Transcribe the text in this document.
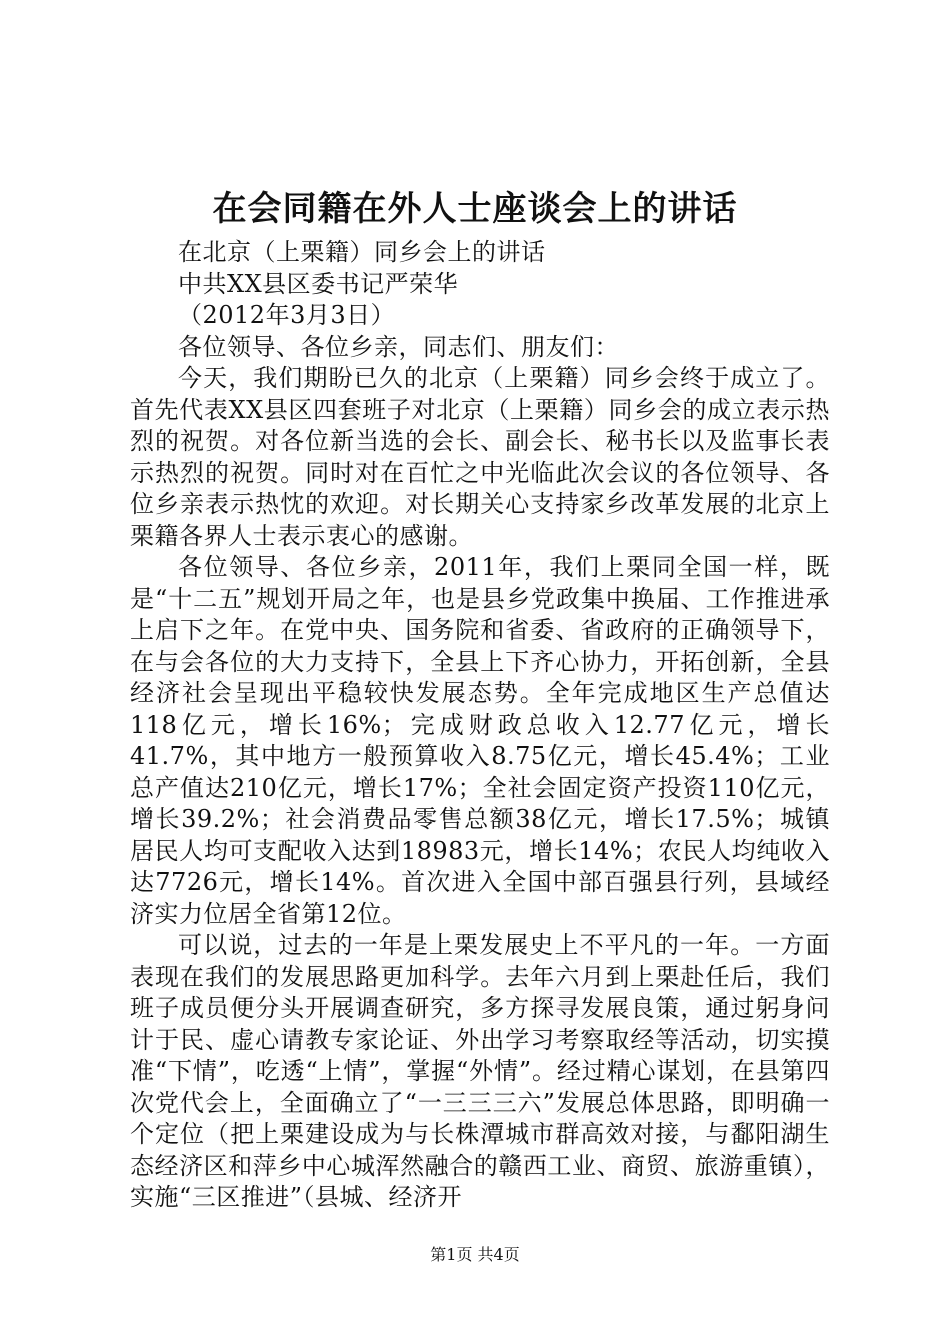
在会同籍在外人士座谈会上的讲话

在北京（上栗籍）同乡会上的讲话

中共XX县区委书记严荣华

（2012年3月3日）

各位领导、各位乡亲，同志们、朋友们：

今天，我们期盼已久的北京（上栗籍）同乡会终于成立了。首先代表XX县区四套班子对北京（上栗籍）同乡会的成立表示热烈的祝贺。对各位新当选的会长、副会长、秘书长以及监事长表示热烈的祝贺。同时对在百忙之中光临此次会议的各位领导、各位乡亲表示热忱的欢迎。对长期关心支持家乡改革发展的北京上栗籍各界人士表示衷心的感谢。

各位领导、各位乡亲，2011年，我们上栗同全国一样，既是“十二五”规划开局之年，也是县乡党政集中换届、工作推进承上启下之年。在党中央、国务院和省委、省政府的正确领导下，在与会各位的大力支持下，全县上下齐心协力，开拓创新，全县经济社会呈现出平稳较快发展态势。全年完成地区生产总值达118亿元，增长16%；完成财政总收入12.77亿元，增长41.7%，其中地方一般预算收入8.75亿元，增长45.4%；工业总产值达210亿元，增长17%；全社会固定资产投资110亿元，增长39.2%；社会消费品零售总额38亿元，增长17.5%；城镇居民人均可支配收入达到18983元，增长14%；农民人均纯收入达7726元，增长14%。首次进入全国中部百强县行列，县域经济实力位居全省第12位。

可以说，过去的一年是上栗发展史上不平凡的一年。一方面表现在我们的发展思路更加科学。去年六月到上栗赴任后，我们班子成员便分头开展调查研究，多方探寻发展良策，通过躬身问计于民、虚心请教专家论证、外出学习考察取经等活动，切实摸准“下情”，吃透“上情”，掌握“外情”。经过精心谋划，在县第四次党代会上，全面确立了“一三三三六”发展总体思路，即明确一个定位（把上栗建设成为与长株潭城市群高效对接，与鄱阳湖生态经济区和萍乡中心城浑然融合的赣西工业、商贸、旅游重镇），实施“三区推进”（县城、经济开

第1页 共4页
